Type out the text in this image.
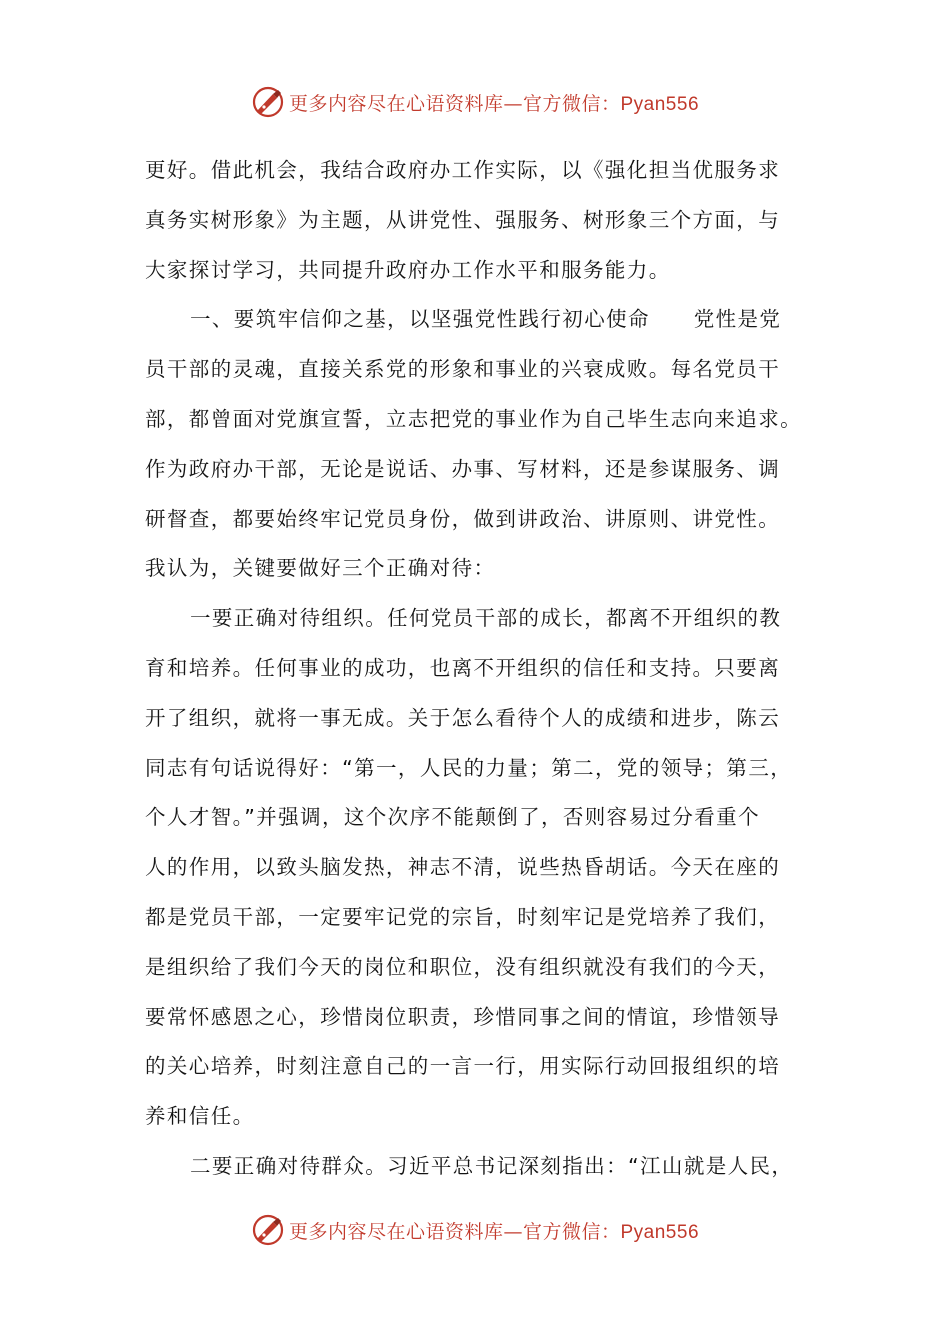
更多内容尽在心语资料库—官方微信：Pyan556
更好。借此机会，我结合政府办工作实际，以《强化担当优服务求
真务实树形象》为主题，从讲党性、强服务、树形象三个方面，与
大家探讨学习，共同提升政府办工作水平和服务能力。
一、要筑牢信仰之基，以坚强党性践行初心使命　　党性是党
员干部的灵魂，直接关系党的形象和事业的兴衰成败。每名党员干
部，都曾面对党旗宣誓，立志把党的事业作为自己毕生志向来追求。
作为政府办干部，无论是说话、办事、写材料，还是参谋服务、调
研督查，都要始终牢记党员身份，做到讲政治、讲原则、讲党性。
我认为，关键要做好三个正确对待：
一要正确对待组织。任何党员干部的成长，都离不开组织的教
育和培养。任何事业的成功，也离不开组织的信任和支持。只要离
开了组织，就将一事无成。关于怎么看待个人的成绩和进步，陈云
同志有句话说得好：“第一，人民的力量；第二，党的领导；第三，
个人才智。”并强调，这个次序不能颠倒了，否则容易过分看重个
人的作用，以致头脑发热，神志不清，说些热昏胡话。今天在座的
都是党员干部，一定要牢记党的宗旨，时刻牢记是党培养了我们，
是组织给了我们今天的岗位和职位，没有组织就没有我们的今天，
要常怀感恩之心，珍惜岗位职责，珍惜同事之间的情谊，珍惜领导
的关心培养，时刻注意自己的一言一行，用实际行动回报组织的培
养和信任。
二要正确对待群众。习近平总书记深刻指出：“江山就是人民，
更多内容尽在心语资料库—官方微信：Pyan556
